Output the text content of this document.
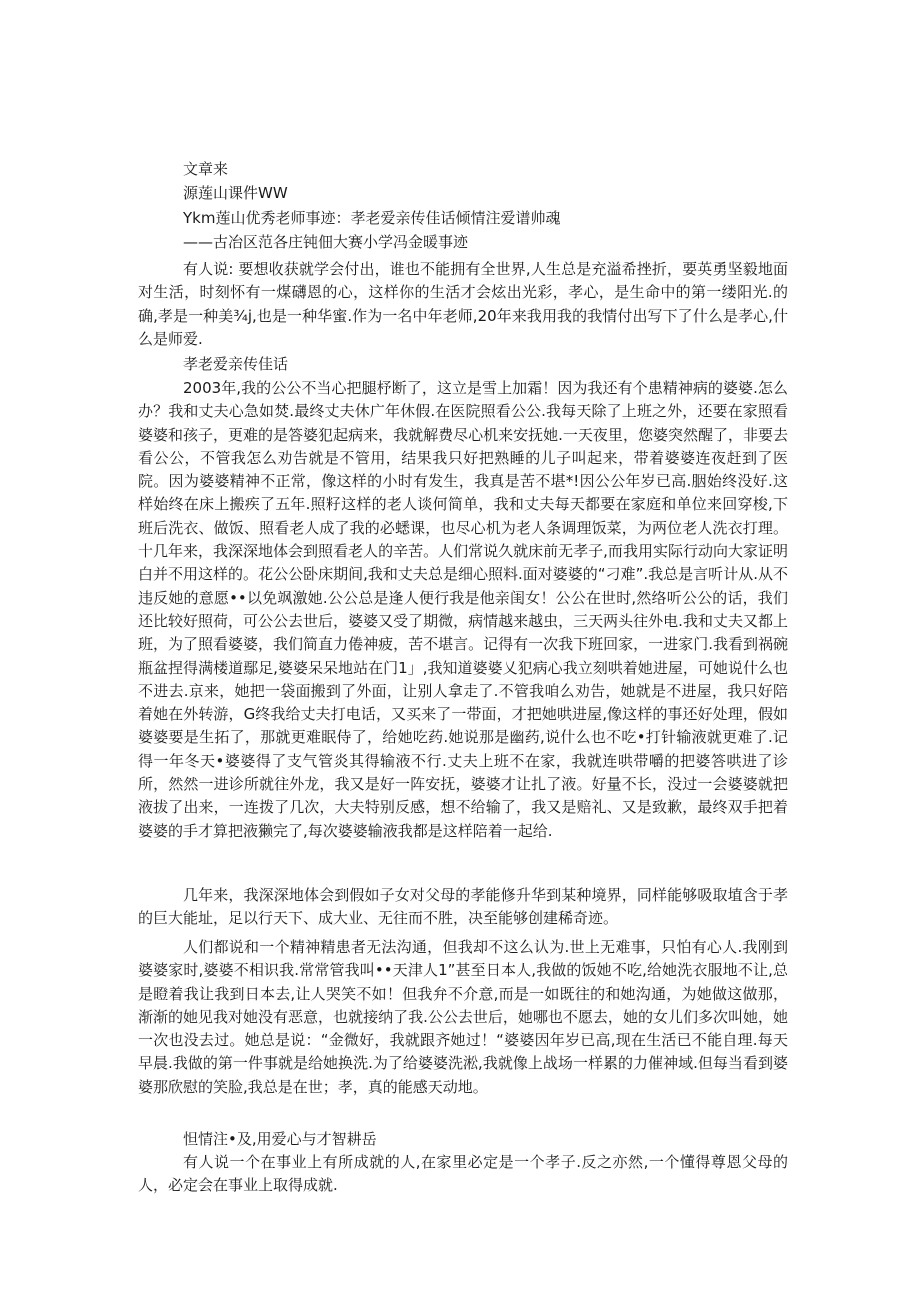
文章来
源莲山课件WW
Ykm莲山优秀老师事迹：孝老爱亲传佳话倾情注爱谱帅魂
——古冶区范各庄钝佃大赛小学冯金暖事迹

有人说: 要想收获就学会付出，谁也不能拥有全世界,人生总是充溢希挫折，要英勇坚毅地面对生活，时刻怀有一煤礴恩的心，这样你的生活才会炫出光彩，孝心，是生命中的第一缕阳光.的确,孝是一种美¾j,也是一种华蜜.作为一名中年老师,20年来我用我的我情付出写下了什么是孝心,什么是师爱.

孝老爱亲传佳话

2003年,我的公公不当心把腿杼断了，这立是雪上加霜！因为我还有个患精神病的婆婆.怎么办？我和丈夫心急如焚.最终丈夫休广年休假.在医院照看公公.我每天除了上班之外，还要在家照看婆婆和孩子，更难的是答婆犯起病来，我就解费尽心机来安抚她.一天夜里，您婆突然醒了，非要去看公公，不管我怎么劝告就是不管用，结果我只好把熟睡的儿子叫起来，带着婆婆连夜赶到了医院。因为婆婆精神不正常，像这样的小时有发生，我真是苦不堪*!因公公年岁已高.胭始终没好.这样始终在床上搬疾了五年.照籽这样的老人谈何简单，我和丈夫每天都要在家庭和单位来回穿梭,下班后洗衣、做饭、照看老人成了我的必蟋课，也尽心机为老人条调理饭菜，为两位老人洗衣打理。十几年来，我深深地体会到照看老人的辛苦。人们常说久就床前无孝子,而我用实际行动向大家证明白并不用这样的。花公公卧床期间,我和丈夫总是细心照料.面对婆婆的“刁难”.我总是言听计从.从不违反她的意愿••以免飒激她.公公总是逢人便行我是他亲闺女！公公在世时,然络听公公的话，我们还比较好照荷，可公公去世后，婆婆又受了期微，病情越来越虫，三天两头往外电.我和丈夫又都上班，为了照看婆婆，我们简直力倦神疲，苦不堪言。记得有一次我下班回家，一进家门.我看到祸碗瓶盆捏得满楼道鄢足,婆婆呆呆地站在门1」,我知道婆婆乂犯病心我立刻哄着她进屋，可她说什么也不进去.京来，她把一袋面搬到了外面，让别人拿走了.不管我咱么劝告，她就是不进屋，我只好陪着她在外转游，G终我给丈夫打电话，又买来了一带面，才把她哄进屋,像这样的事还好处理，假如婆婆要是生拓了，那就更难眠侍了，给她吃药.她说那是幽药,说什么也不吃•打针输液就更难了.记得一年冬天•婆婆得了支气管炎其得输液不行.丈夫上班不在家，我就连哄带嚼的把婆答哄进了诊所，然然一进诊所就往外龙，我又是好一阵安抚，婆婆才让扎了液。好量不长，没过一会婆婆就把液拔了出来，一连拨了几次，大夫特别反感，想不给输了，我又是赔礼、又是致歉，最终双手把着婆婆的手才算把液獭完了,每次婆婆输液我都是这样陪着一起给.

几年来，我深深地体会到假如子女对父母的孝能修升华到某种境界，同样能够吸取埴含于孝的巨大能址，足以行天下、成大业、无往而不胜，决至能够创建稀奇迹。

人们都说和一个精神精患者无法沟通，但我却不这么认为.世上无难事，只怕有心人.我刚到婆婆家时,婆婆不相识我.常常管我叫••天津人1”甚至日本人,我做的饭她不吃,给她洗衣服地不让,总是瞪着我让我到日本去,让人哭笑不如！但我弁不介意,而是一如既往的和她沟通，为她做这做那，渐渐的她见我对她没有恶意，也就接纳了我.公公去世后，她哪也不愿去，她的女儿们多次叫她，她一次也没去过。她总是说：“金微好，我就跟齐她过！“婆婆因年岁已高,现在生活已不能自理.每天早晨.我做的第一件事就是给她换洗.为了给婆婆洗淞,我就像上战场一样累的力催神域.但每当看到婆婆那欣慰的笑脸,我总是在世；孝，真的能感天动地。

怛情注•及,用爱心与才智耕岳

有人说一个在事业上有所成就的人,在家里必定是一个孝子.反之亦然,一个懂得尊恩父母的人，必定会在事业上取得成就.
